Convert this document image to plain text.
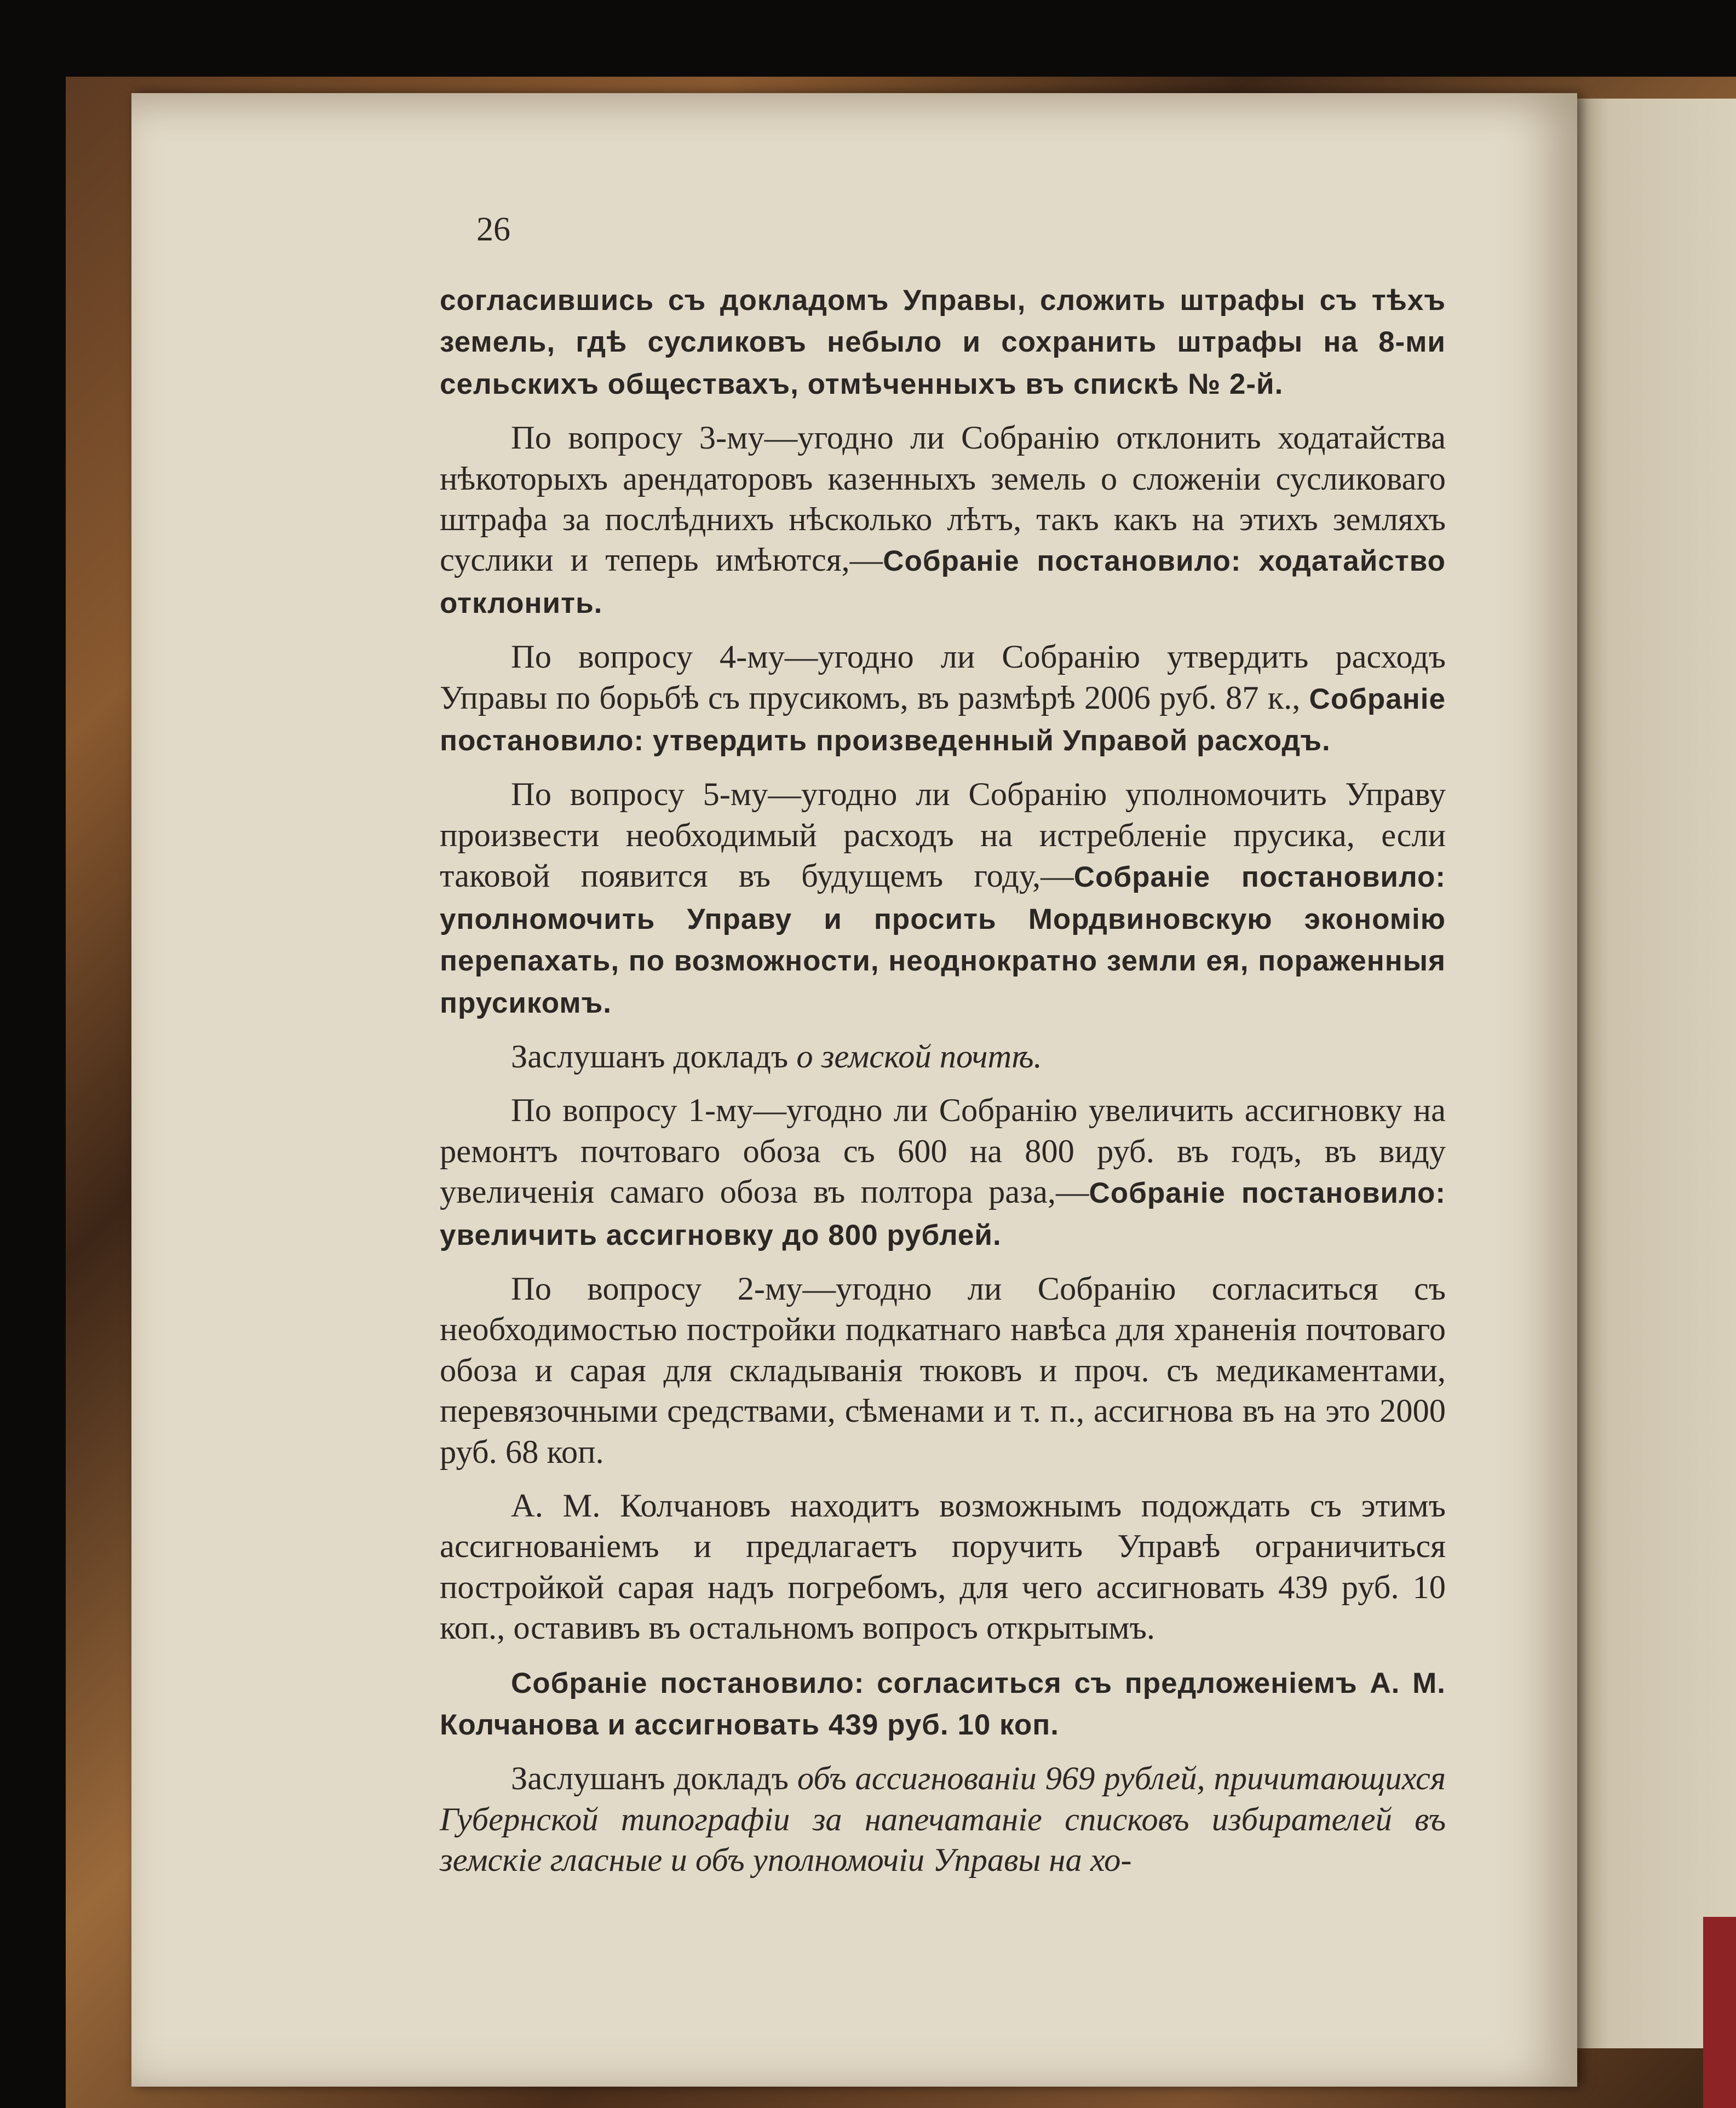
26

согласившись съ докладомъ Управы, сложить штрафы съ тѣхъ земель, гдѣ сусликовъ небыло и сохранить штрафы на 8-ми сельскихъ обществахъ, отмѣченныхъ въ спискѣ № 2-й.

По вопросу 3-му—угодно ли Собранію отклонить ходатайства нѣкоторыхъ арендаторовъ казенныхъ земель о сложеніи сусликоваго штрафа за послѣднихъ нѣсколько лѣтъ, такъ какъ на этихъ земляхъ суслики и теперь имѣются,—Собраніе постановило: ходатайство отклонить.

По вопросу 4-му—угодно ли Собранію утвердить расходъ Управы по борьбѣ съ прусикомъ, въ размѣрѣ 2006 руб. 87 к., Собраніе постановило: утвердить произведенный Управой расходъ.

По вопросу 5-му—угодно ли Собранію уполномочить Управу произвести необходимый расходъ на истребленіе прусика, если таковой появится въ будущемъ году,—Собраніе постановило: уполномочить Управу и просить Мордвиновскую экономію перепахать, по возможности, неоднократно земли ея, пораженныя прусикомъ.

Заслушанъ докладъ о земской почтѣ.

По вопросу 1-му—угодно ли Собранію увеличить ассигновку на ремонтъ почтоваго обоза съ 600 на 800 руб. въ годъ, въ виду увеличенія самаго обоза въ полтора раза,—Собраніе постановило: увеличить ассигновку до 800 рублей.

По вопросу 2-му—угодно ли Собранію согласиться съ необходимостью постройки подкатнаго навѣса для храненія почтоваго обоза и сарая для складыванія тюковъ и проч. съ медикаментами, перевязочными средствами, сѣменами и т. п., ассигнова въ на это 2000 руб. 68 коп.

А. М. Колчановъ находитъ возможнымъ подождать съ этимъ ассигнованіемъ и предлагаетъ поручить Управѣ ограничиться постройкой сарая надъ погребомъ, для чего ассигновать 439 руб. 10 коп., оставивъ въ остальномъ вопросъ открытымъ.

Собраніе постановило: согласиться съ предложеніемъ А. М. Колчанова и ассигновать 439 руб. 10 коп.

Заслушанъ докладъ объ ассигнованіи 969 рублей, причитающихся Губернской типографіи за напечатаніе списковъ избирателей въ земскіе гласные и объ уполномочіи Управы на хо-
